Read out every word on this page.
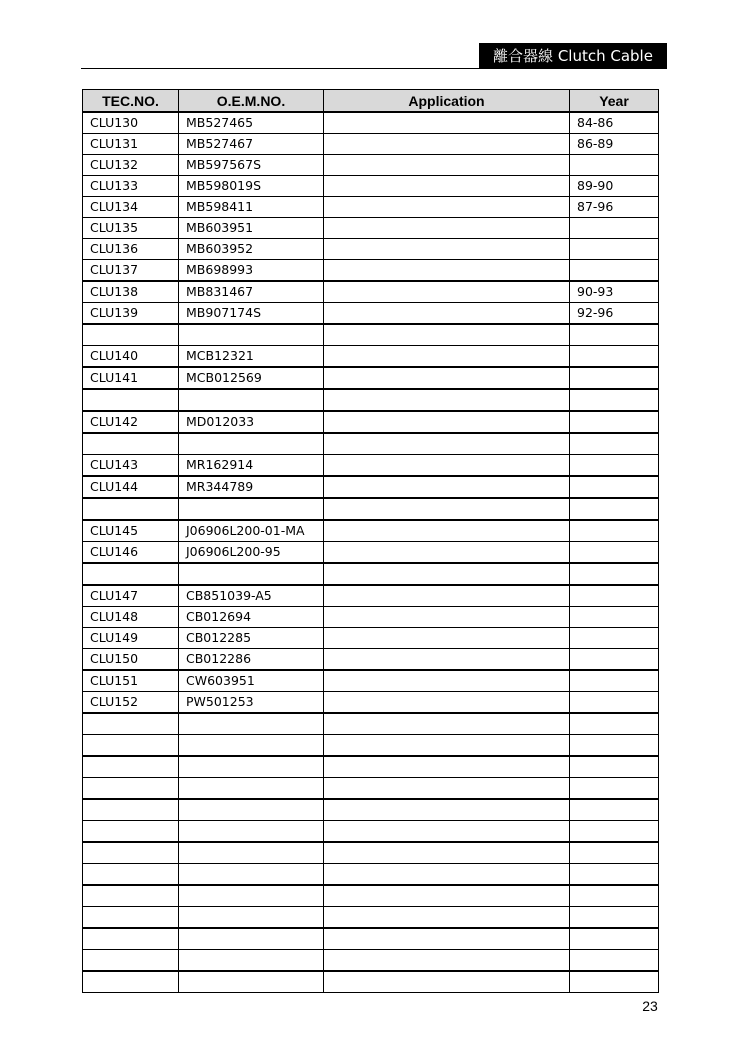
離合器線 Clutch Cable
TEC.NO.	O.E.M.NO.	Application	Year
CLU130	MB527465		84-86
CLU131	MB527467		86-89
CLU132	MB597567S		
CLU133	MB598019S		89-90
CLU134	MB598411		87-96
CLU135	MB603951		
CLU136	MB603952		
CLU137	MB698993		
CLU138	MB831467		90-93
CLU139	MB907174S		92-96

CLU140	MCB12321		
CLU141	MCB012569		

CLU142	MD012033		

CLU143	MR162914		
CLU144	MR344789		

CLU145	J06906L200-01-MA		
CLU146	J06906L200-95		

CLU147	CB851039-A5		
CLU148	CB012694		
CLU149	CB012285		
CLU150	CB012286		
CLU151	CW603951		
CLU152	PW501253		

23
